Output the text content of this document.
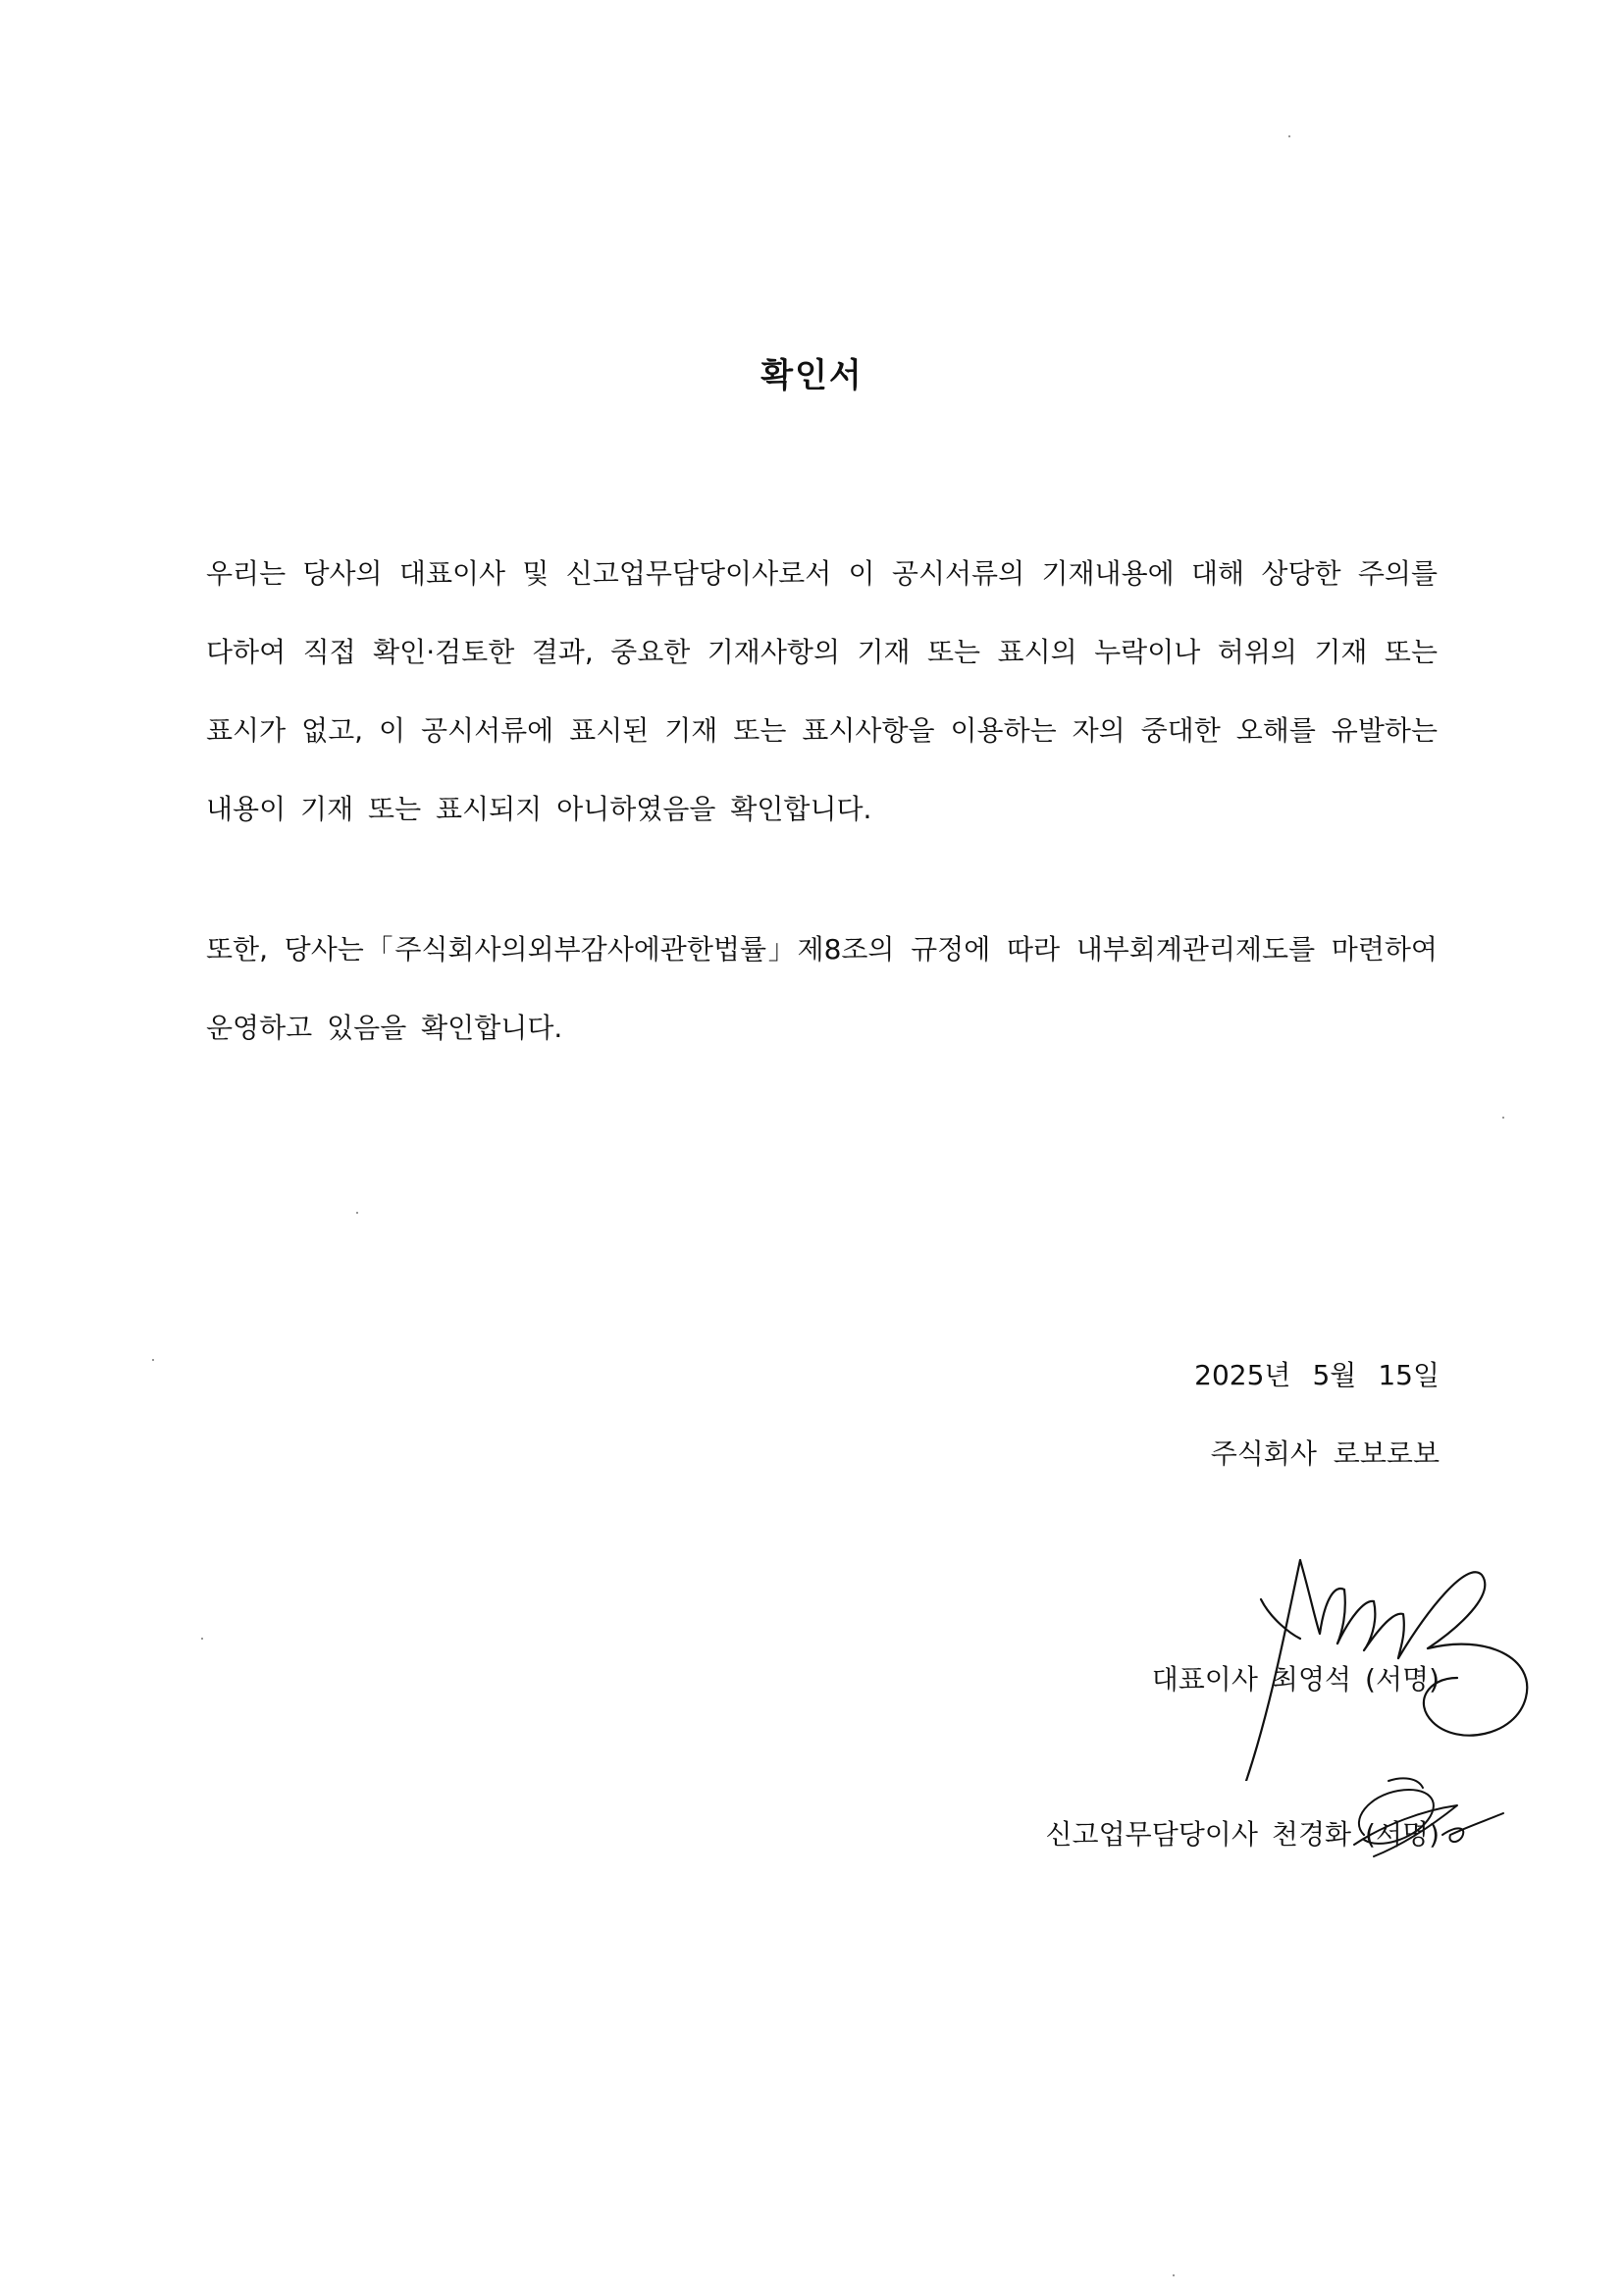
확인서

우리는 당사의 대표이사 및 신고업무담당이사로서 이 공시서류의 기재내용에 대해 상당한 주의를 다하여 직접 확인·검토한 결과, 중요한 기재사항의 기재 또는 표시의 누락이나 허위의 기재 또는 표시가 없고, 이 공시서류에 표시된 기재 또는 표시사항을 이용하는 자의 중대한 오해를 유발하는 내용이 기재 또는 표시되지 아니하였음을 확인합니다.

또한, 당사는「주식회사의외부감사에관한법률」제8조의 규정에 따라 내부회계관리제도를 마련하여 운영하고 있음을 확인합니다.

2025년 5월 15일
주식회사 로보로보
대표이사 최영석 (서명)
신고업무담당이사 천경화 (서명)
